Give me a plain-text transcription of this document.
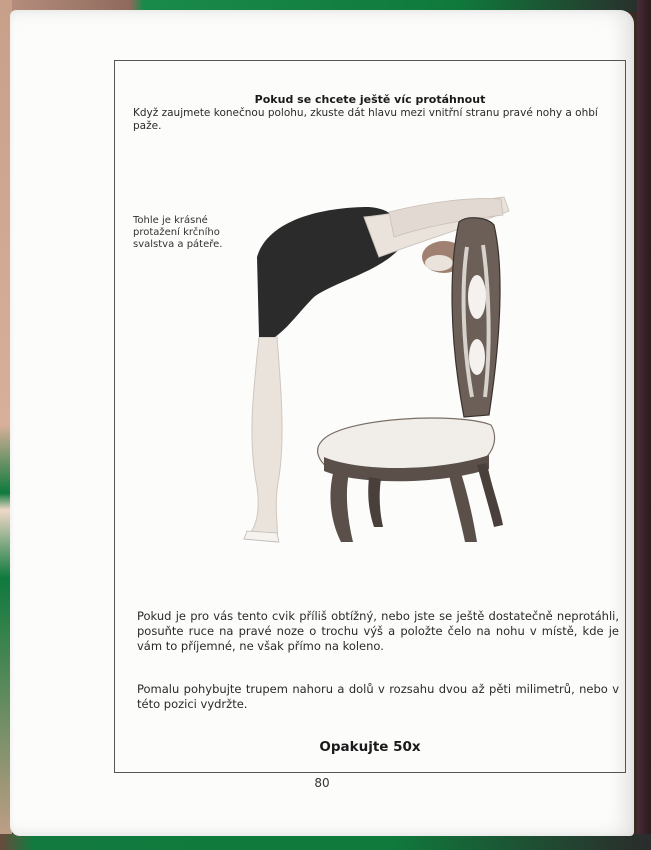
Pokud se chcete ještě víc protáhnout
Když zaujmete konečnou polohu, zkuste dát hlavu mezi vnitřní stranu pravé nohy a ohbí paže.
Tohle je krásné protažení krčního svalstva a páteře.
Pokud je pro vás tento cvik příliš obtížný, nebo jste se ještě dostatečně neprotáhli, posuňte ruce na pravé noze o trochu výš a položte čelo na nohu v místě, kde je vám to příjemné, ne však přímo na koleno.
Pomalu pohybujte trupem nahoru a dolů v rozsahu dvou až pěti milimetrů, nebo v této pozici vydržte.
Opakujte 50x
80
